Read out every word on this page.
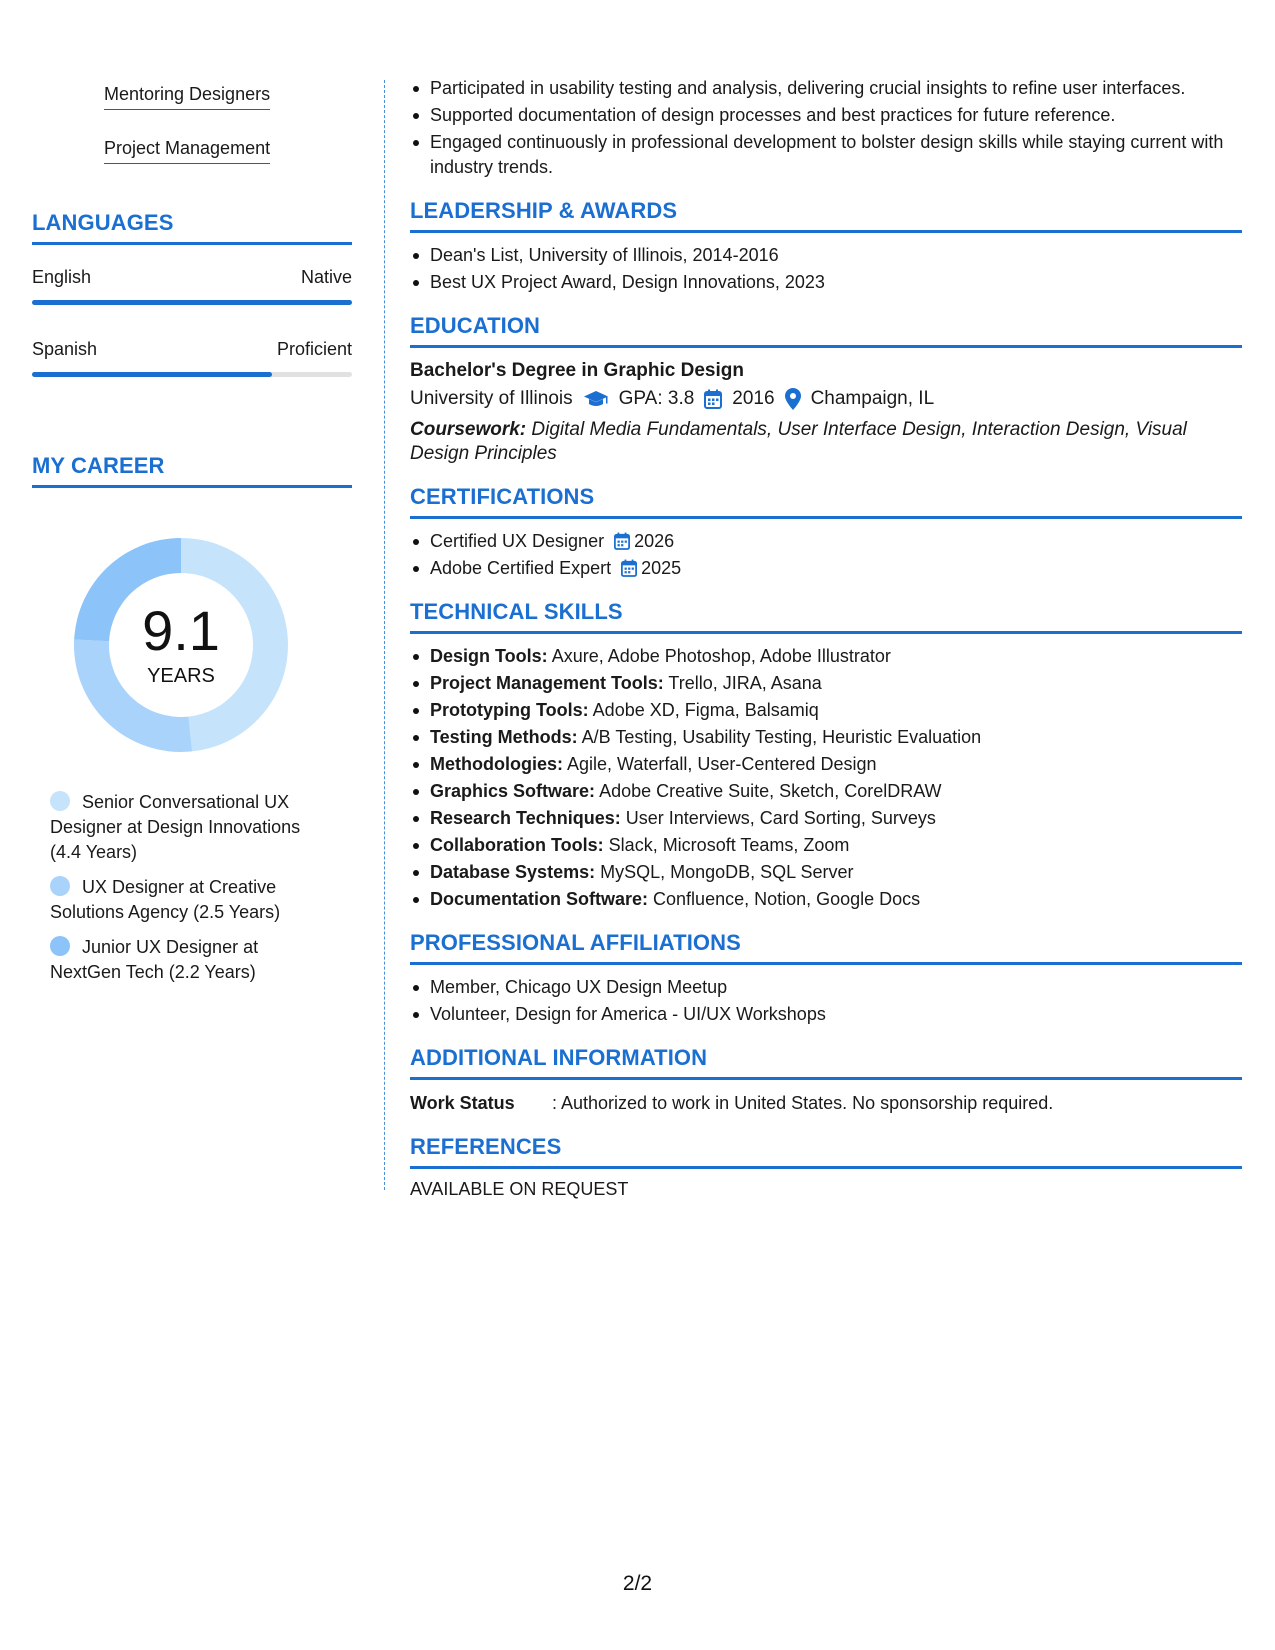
Mentoring Designers
Project Management
LANGUAGES
English	Native
Spanish	Proficient
MY CAREER
9.1
YEARS
Senior Conversational UX Designer at Design Innovations (4.4 Years)
UX Designer at Creative Solutions Agency (2.5 Years)
Junior UX Designer at NextGen Tech (2.2 Years)
Participated in usability testing and analysis, delivering crucial insights to refine user interfaces.
Supported documentation of design processes and best practices for future reference.
Engaged continuously in professional development to bolster design skills while staying current with industry trends.
LEADERSHIP & AWARDS
Dean's List, University of Illinois, 2014-2016
Best UX Project Award, Design Innovations, 2023
EDUCATION
Bachelor's Degree in Graphic Design
University of Illinois GPA: 3.8 2016 Champaign, IL
Coursework: Digital Media Fundamentals, User Interface Design, Interaction Design, Visual Design Principles
CERTIFICATIONS
Certified UX Designer 2026
Adobe Certified Expert 2025
TECHNICAL SKILLS
Design Tools: Axure, Adobe Photoshop, Adobe Illustrator
Project Management Tools: Trello, JIRA, Asana
Prototyping Tools: Adobe XD, Figma, Balsamiq
Testing Methods: A/B Testing, Usability Testing, Heuristic Evaluation
Methodologies: Agile, Waterfall, User-Centered Design
Graphics Software: Adobe Creative Suite, Sketch, CorelDRAW
Research Techniques: User Interviews, Card Sorting, Surveys
Collaboration Tools: Slack, Microsoft Teams, Zoom
Database Systems: MySQL, MongoDB, SQL Server
Documentation Software: Confluence, Notion, Google Docs
PROFESSIONAL AFFILIATIONS
Member, Chicago UX Design Meetup
Volunteer, Design for America - UI/UX Workshops
ADDITIONAL INFORMATION
Work Status	: Authorized to work in United States. No sponsorship required.
REFERENCES
AVAILABLE ON REQUEST
2/2
